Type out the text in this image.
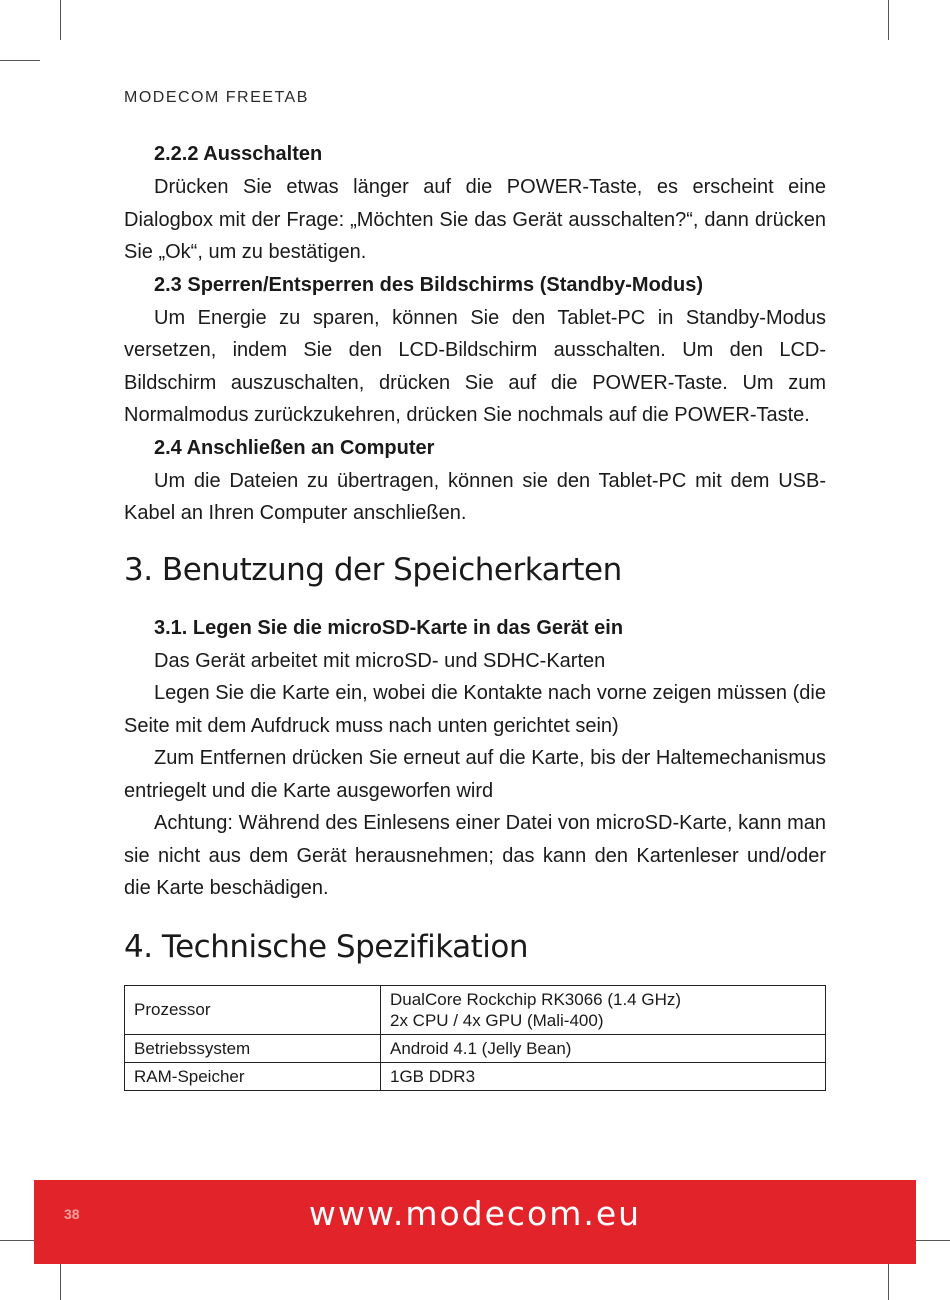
MODECOM FREETAB

2.2.2 Ausschalten

Drücken Sie etwas länger auf die POWER-Taste, es erscheint eine Dialogbox mit der Frage: „Möchten Sie das Gerät ausschalten?“, dann drücken Sie „Ok“, um zu bestätigen.

2.3 Sperren/Entsperren des Bildschirms (Standby-Modus)

Um Energie zu sparen, können Sie den Tablet-PC in Standby-Modus versetzen, indem Sie den LCD-Bildschirm ausschalten. Um den LCD-Bildschirm auszuschalten, drücken Sie auf die POWER-Taste. Um zum Normalmodus zurückzukehren, drücken Sie nochmals auf die POWER-Taste.

2.4 Anschließen an Computer

Um die Dateien zu übertragen, können sie den Tablet-PC mit dem USB-Kabel an Ihren Computer anschließen.

3. Benutzung der Speicherkarten

3.1. Legen Sie die microSD-Karte in das Gerät ein

Das Gerät arbeitet mit microSD- und SDHC-Karten

Legen Sie die Karte ein, wobei die Kontakte nach vorne zeigen müssen (die Seite mit dem Aufdruck muss nach unten gerichtet sein)

Zum Entfernen drücken Sie erneut auf die Karte, bis der Haltemechanismus entriegelt und die Karte ausgeworfen wird

Achtung: Während des Einlesens einer Datei von microSD-Karte, kann man sie nicht aus dem Gerät herausnehmen; das kann den Kartenleser und/oder die Karte beschädigen.

4. Technische Spezifikation
Prozessor	DualCore Rockchip RK3066 (1.4 GHz)
2x CPU / 4x GPU (Mali-400)

Betriebssystem	Android 4.1 (Jelly Bean)
RAM-Speicher	1GB DDR3
38	www.modecom.eu
